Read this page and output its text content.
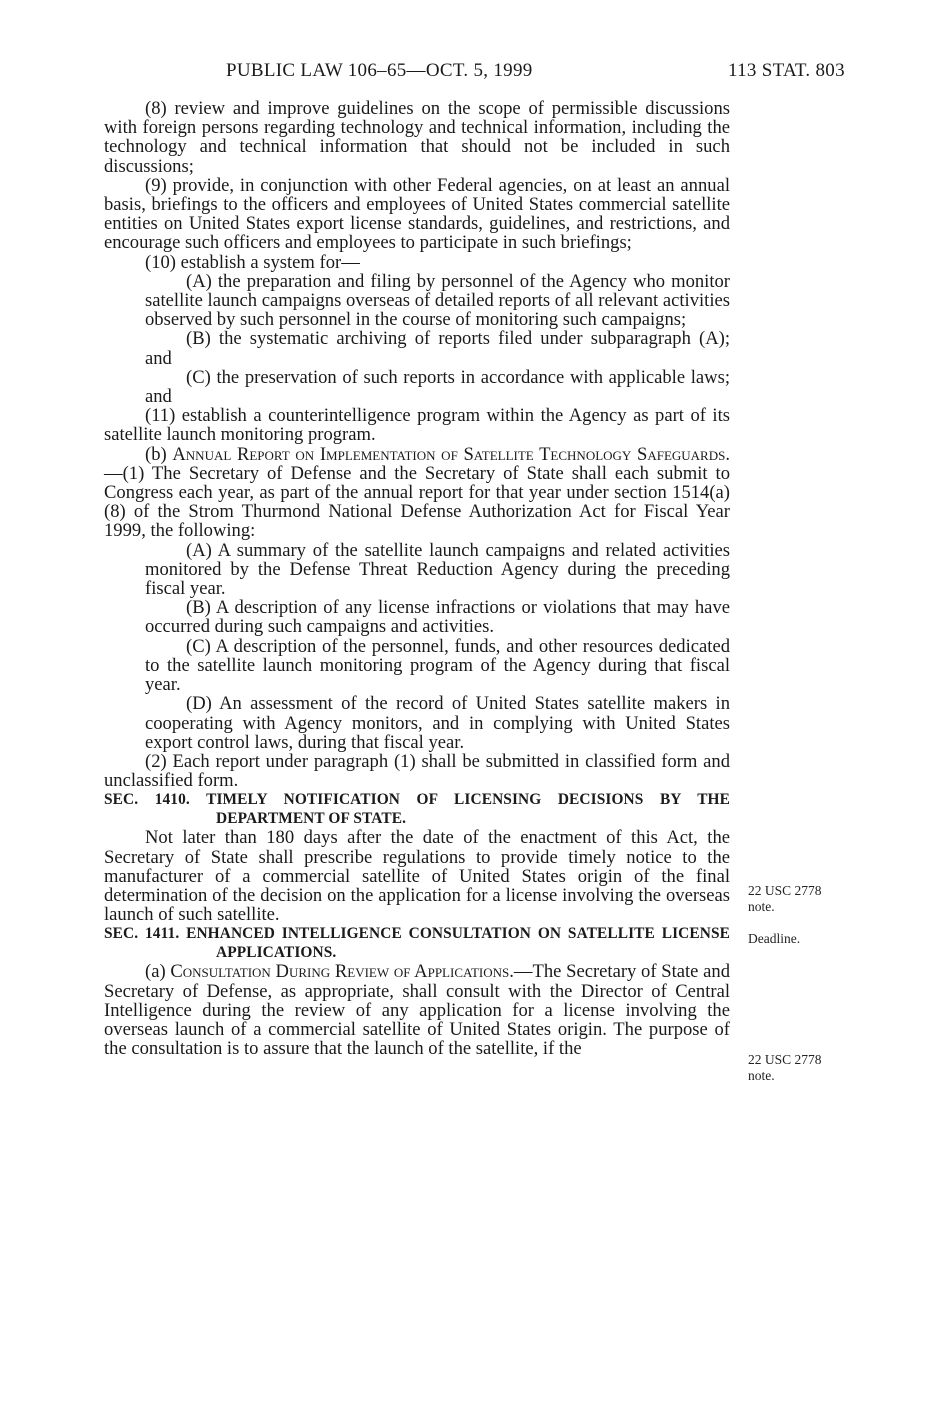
PUBLIC LAW 106–65—OCT. 5, 1999	113 STAT. 803

(8) review and improve guidelines on the scope of permissible discussions with foreign persons regarding technology and technical information, including the technology and technical information that should not be included in such discussions;

(9) provide, in conjunction with other Federal agencies, on at least an annual basis, briefings to the officers and employees of United States commercial satellite entities on United States export license standards, guidelines, and restrictions, and encourage such officers and employees to participate in such briefings;

(10) establish a system for—

(A) the preparation and filing by personnel of the Agency who monitor satellite launch campaigns overseas of detailed reports of all relevant activities observed by such personnel in the course of monitoring such campaigns;

(B) the systematic archiving of reports filed under subparagraph (A); and

(C) the preservation of such reports in accordance with applicable laws; and

(11) establish a counterintelligence program within the Agency as part of its satellite launch monitoring program.

(b) Annual Report on Implementation of Satellite Technology Safeguards.—(1) The Secretary of Defense and the Secretary of State shall each submit to Congress each year, as part of the annual report for that year under section 1514(a)(8) of the Strom Thurmond National Defense Authorization Act for Fiscal Year 1999, the following:

(A) A summary of the satellite launch campaigns and related activities monitored by the Defense Threat Reduction Agency during the preceding fiscal year.

(B) A description of any license infractions or violations that may have occurred during such campaigns and activities.

(C) A description of the personnel, funds, and other resources dedicated to the satellite launch monitoring program of the Agency during that fiscal year.

(D) An assessment of the record of United States satellite makers in cooperating with Agency monitors, and in complying with United States export control laws, during that fiscal year.

(2) Each report under paragraph (1) shall be submitted in classified form and unclassified form.

SEC. 1410. TIMELY NOTIFICATION OF LICENSING DECISIONS BY THE DEPARTMENT OF STATE.

Not later than 180 days after the date of the enactment of this Act, the Secretary of State shall prescribe regulations to provide timely notice to the manufacturer of a commercial satellite of United States origin of the final determination of the decision on the application for a license involving the overseas launch of such satellite.

SEC. 1411. ENHANCED INTELLIGENCE CONSULTATION ON SATELLITE LICENSE APPLICATIONS.

(a) Consultation During Review of Applications.—The Secretary of State and Secretary of Defense, as appropriate, shall consult with the Director of Central Intelligence during the review of any application for a license involving the overseas launch of a commercial satellite of United States origin. The purpose of the consultation is to assure that the launch of the satellite, if the

22 USC 2778
note.
Deadline.
22 USC 2778
note.
